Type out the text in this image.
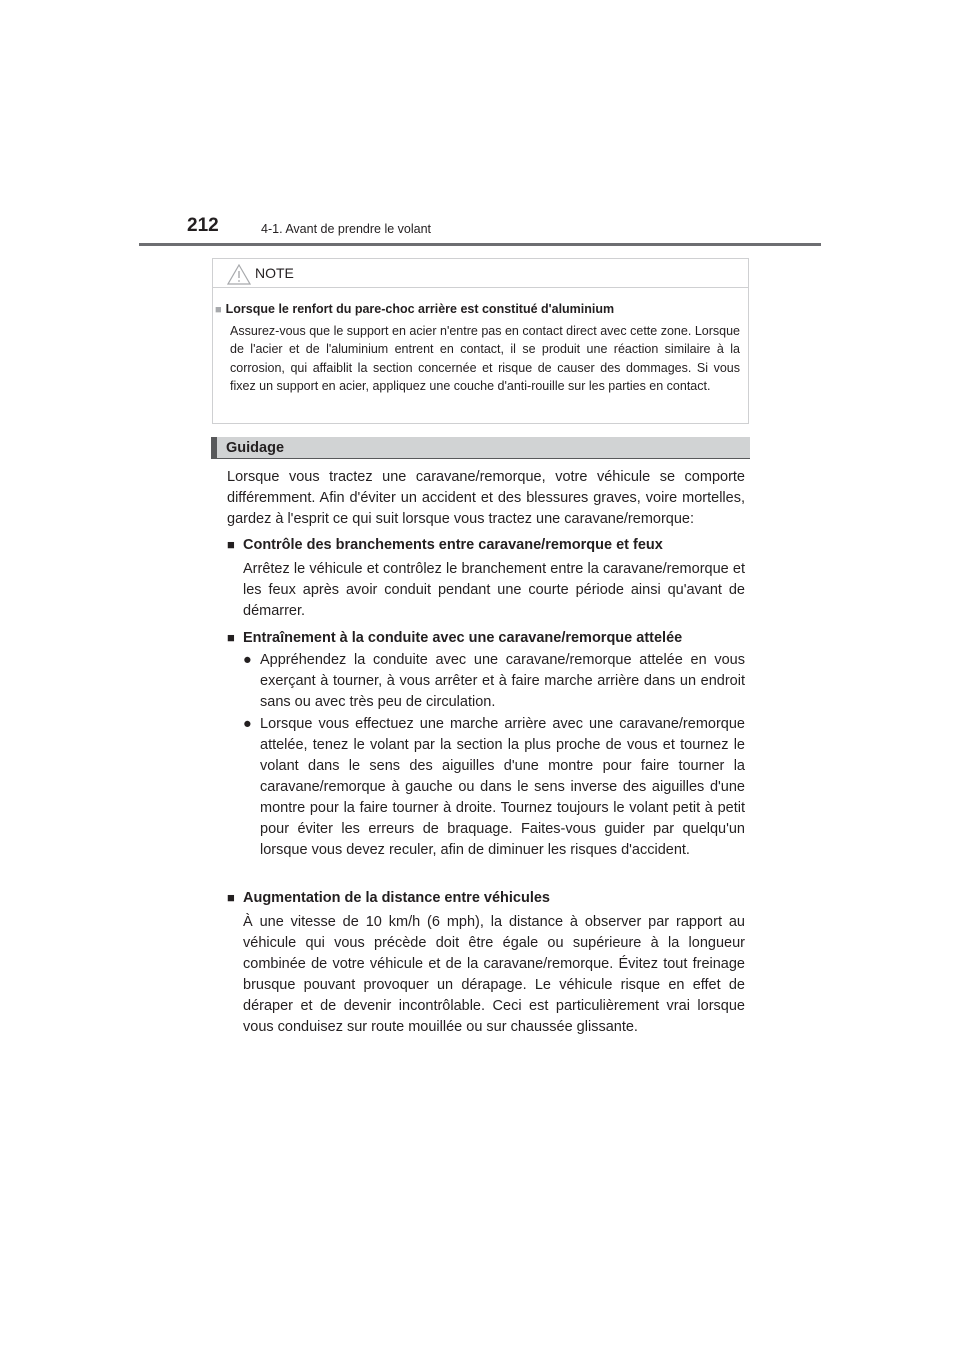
212	4-1. Avant de prendre le volant
NOTE
■ Lorsque le renfort du pare-choc arrière est constitué d'aluminium
Assurez-vous que le support en acier n'entre pas en contact direct avec cette zone. Lorsque de l'acier et de l'aluminium entrent en contact, il se produit une réaction similaire à la corrosion, qui affaiblit la section concernée et risque de causer des dommages. Si vous fixez un support en acier, appliquez une couche d'anti-rouille sur les parties en contact.
Guidage
Lorsque vous tractez une caravane/remorque, votre véhicule se comporte différemment. Afin d'éviter un accident et des blessures graves, voire mortelles, gardez à l'esprit ce qui suit lorsque vous tractez une caravane/remorque:
■ Contrôle des branchements entre caravane/remorque et feux
Arrêtez le véhicule et contrôlez le branchement entre la caravane/remorque et les feux après avoir conduit pendant une courte période ainsi qu'avant de démarrer.
■ Entraînement à la conduite avec une caravane/remorque attelée
● Appréhendez la conduite avec une caravane/remorque attelée en vous exerçant à tourner, à vous arrêter et à faire marche arrière dans un endroit sans ou avec très peu de circulation.
● Lorsque vous effectuez une marche arrière avec une caravane/remorque attelée, tenez le volant par la section la plus proche de vous et tournez le volant dans le sens des aiguilles d'une montre pour faire tourner la caravane/remorque à gauche ou dans le sens inverse des aiguilles d'une montre pour la faire tourner à droite. Tournez toujours le volant petit à petit pour éviter les erreurs de braquage. Faites-vous guider par quelqu'un lorsque vous devez reculer, afin de diminuer les risques d'accident.
■ Augmentation de la distance entre véhicules
À une vitesse de 10 km/h (6 mph), la distance à observer par rapport au véhicule qui vous précède doit être égale ou supérieure à la longueur combinée de votre véhicule et de la caravane/remorque. Évitez tout freinage brusque pouvant provoquer un dérapage. Le véhicule risque en effet de déraper et de devenir incontrôlable. Ceci est particulièrement vrai lorsque vous conduisez sur route mouillée ou sur chaussée glissante.
